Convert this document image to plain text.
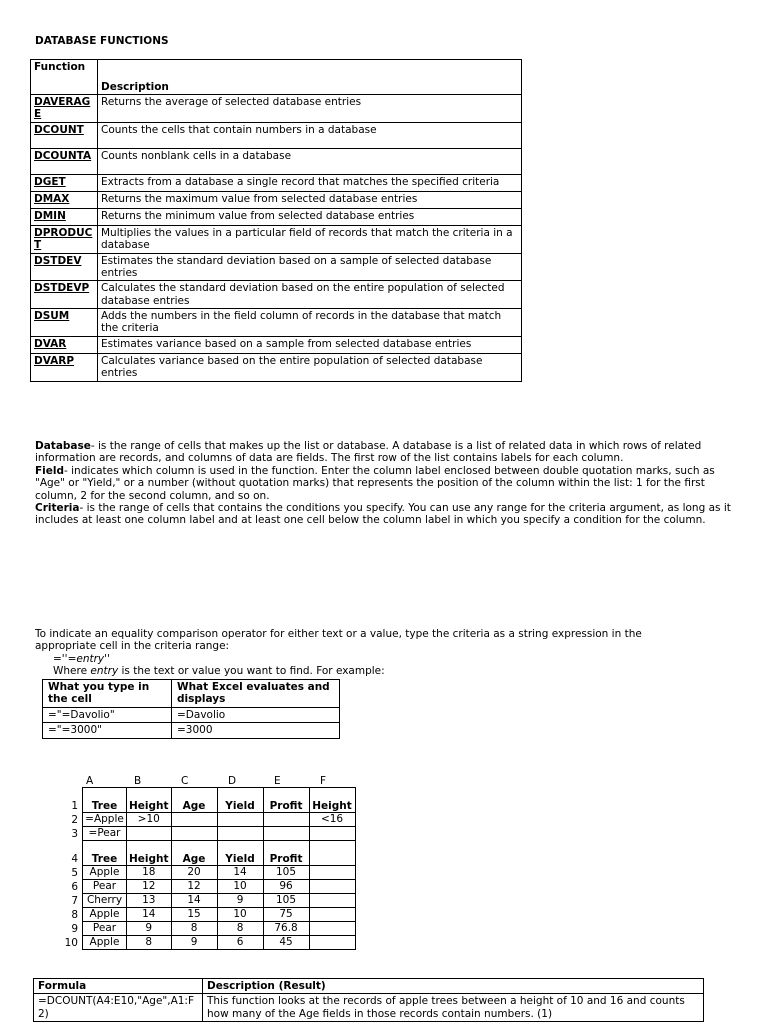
DATABASE FUNCTIONS
Function	Description
DAVERAGE	Returns the average of selected database entries
DCOUNT	Counts the cells that contain numbers in a database
DCOUNTA	Counts nonblank cells in a database
DGET	Extracts from a database a single record that matches the specified criteria
DMAX	Returns the maximum value from selected database entries
DMIN	Returns the minimum value from selected database entries
DPRODUCT	Multiplies the values in a particular field of records that match the criteria in a database
DSTDEV	Estimates the standard deviation based on a sample of selected database entries
DSTDEVP	Calculates the standard deviation based on the entire population of selected database entries
DSUM	Adds the numbers in the field column of records in the database that match the criteria
DVAR	Estimates variance based on a sample from selected database entries
DVARP	Calculates variance based on the entire population of selected database entries

Database- is the range of cells that makes up the list or database. A database is a list of related data in which rows of related information are records, and columns of data are fields. The first row of the list contains labels for each column.

Field- indicates which column is used in the function. Enter the column label enclosed between double quotation marks, such as "Age" or "Yield," or a number (without quotation marks) that represents the position of the column within the list: 1 for the first column, 2 for the second column, and so on.

Criteria- is the range of cells that contains the conditions you specify. You can use any range for the criteria argument, as long as it includes at least one column label and at least one cell below the column label in which you specify a condition for the column.

To indicate an equality comparison operator for either text or a value, type the criteria as a string expression in the appropriate cell in the criteria range:

=''=entry''

Where entry is the text or value you want to find. For example:

What you type in the cell	What Excel evaluates and displays
="=Davolio"	=Davolio
="=3000"	=3000
A	B	C	D	E	F
1	Tree	Height	Age	Yield	Profit	Height
2	=Apple	>10				<16
3	=Pear					
4	Tree	Height	Age	Yield	Profit	
5	Apple	18	20	14	105	
6	Pear	12	12	10	96	
7	Cherry	13	14	9	105	
8	Apple	14	15	10	75	
9	Pear	9	8	8	76.8	
10	Apple	8	9	6	45	
Formula	Description (Result)
=DCOUNT(A4:E10,"Age",A1:F2)	This function looks at the records of apple trees between a height of 10 and 16 and counts how many of the Age fields in those records contain numbers. (1)
